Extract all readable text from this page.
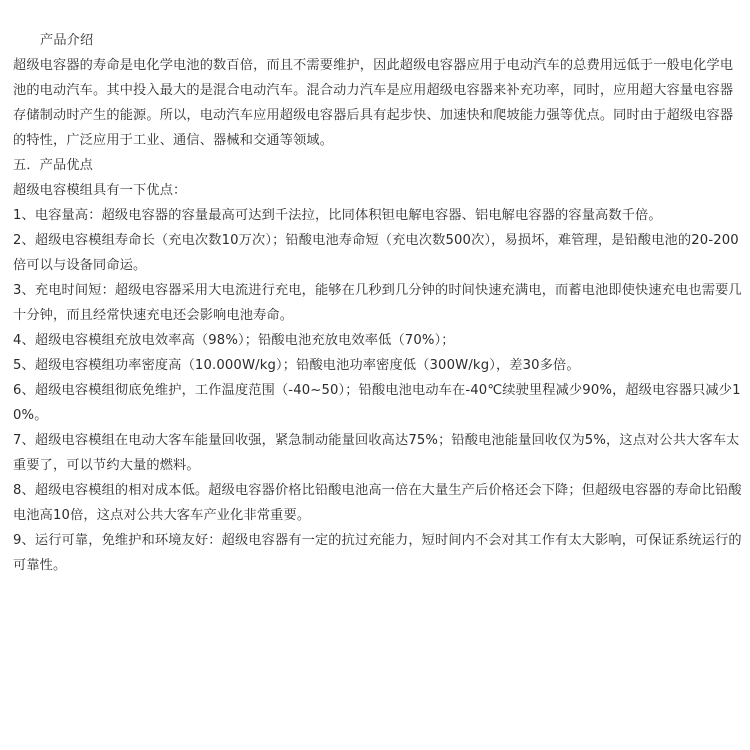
产品介绍

超级电容器的寿命是电化学电池的数百倍，而且不需要维护，因此超级电容器应用于电动汽车的总费用远低于一般电化学电池的电动汽车。其中投入最大的是混合电动汽车。混合动力汽车是应用超级电容器来补充功率，同时，应用超大容量电容器存储制动时产生的能源。所以，电动汽车应用超级电容器后具有起步快、加速快和爬坡能力强等优点。同时由于超级电容器的特性，广泛应用于工业、通信、器械和交通等领域。

五．产品优点

超级电容模组具有一下优点：

1、电容量高：超级电容器的容量最高可达到千法拉，比同体积钽电解电容器、铝电解电容器的容量高数千倍。

2、超级电容模组寿命长（充电次数10万次）；铅酸电池寿命短（充电次数500次），易损坏，难管理，是铅酸电池的20-200倍可以与设备同命运。

3、充电时间短：超级电容器采用大电流进行充电，能够在几秒到几分钟的时间快速充满电，而蓄电池即使快速充电也需要几十分钟，而且经常快速充电还会影响电池寿命。

4、超级电容模组充放电效率高（98%）；铅酸电池充放电效率低（70%）；

5、超级电容模组功率密度高（10.000W/kg）；铅酸电池功率密度低（300W/kg），差30多倍。

6、超级电容模组彻底免维护，工作温度范围（-40~50）；铅酸电池电动车在-40℃续驶里程减少90%，超级电容器只减少10%。

7、超级电容模组在电动大客车能量回收强，紧急制动能量回收高达75%；铅酸电池能量回收仅为5%，这点对公共大客车太重要了，可以节约大量的燃料。

8、超级电容模组的相对成本低。超级电容器价格比铅酸电池高一倍在大量生产后价格还会下降；但超级电容器的寿命比铅酸电池高10倍，这点对公共大客车产业化非常重要。

9、运行可靠，免维护和环境友好：超级电容器有一定的抗过充能力，短时间内不会对其工作有太大影响，可保证系统运行的可靠性。
